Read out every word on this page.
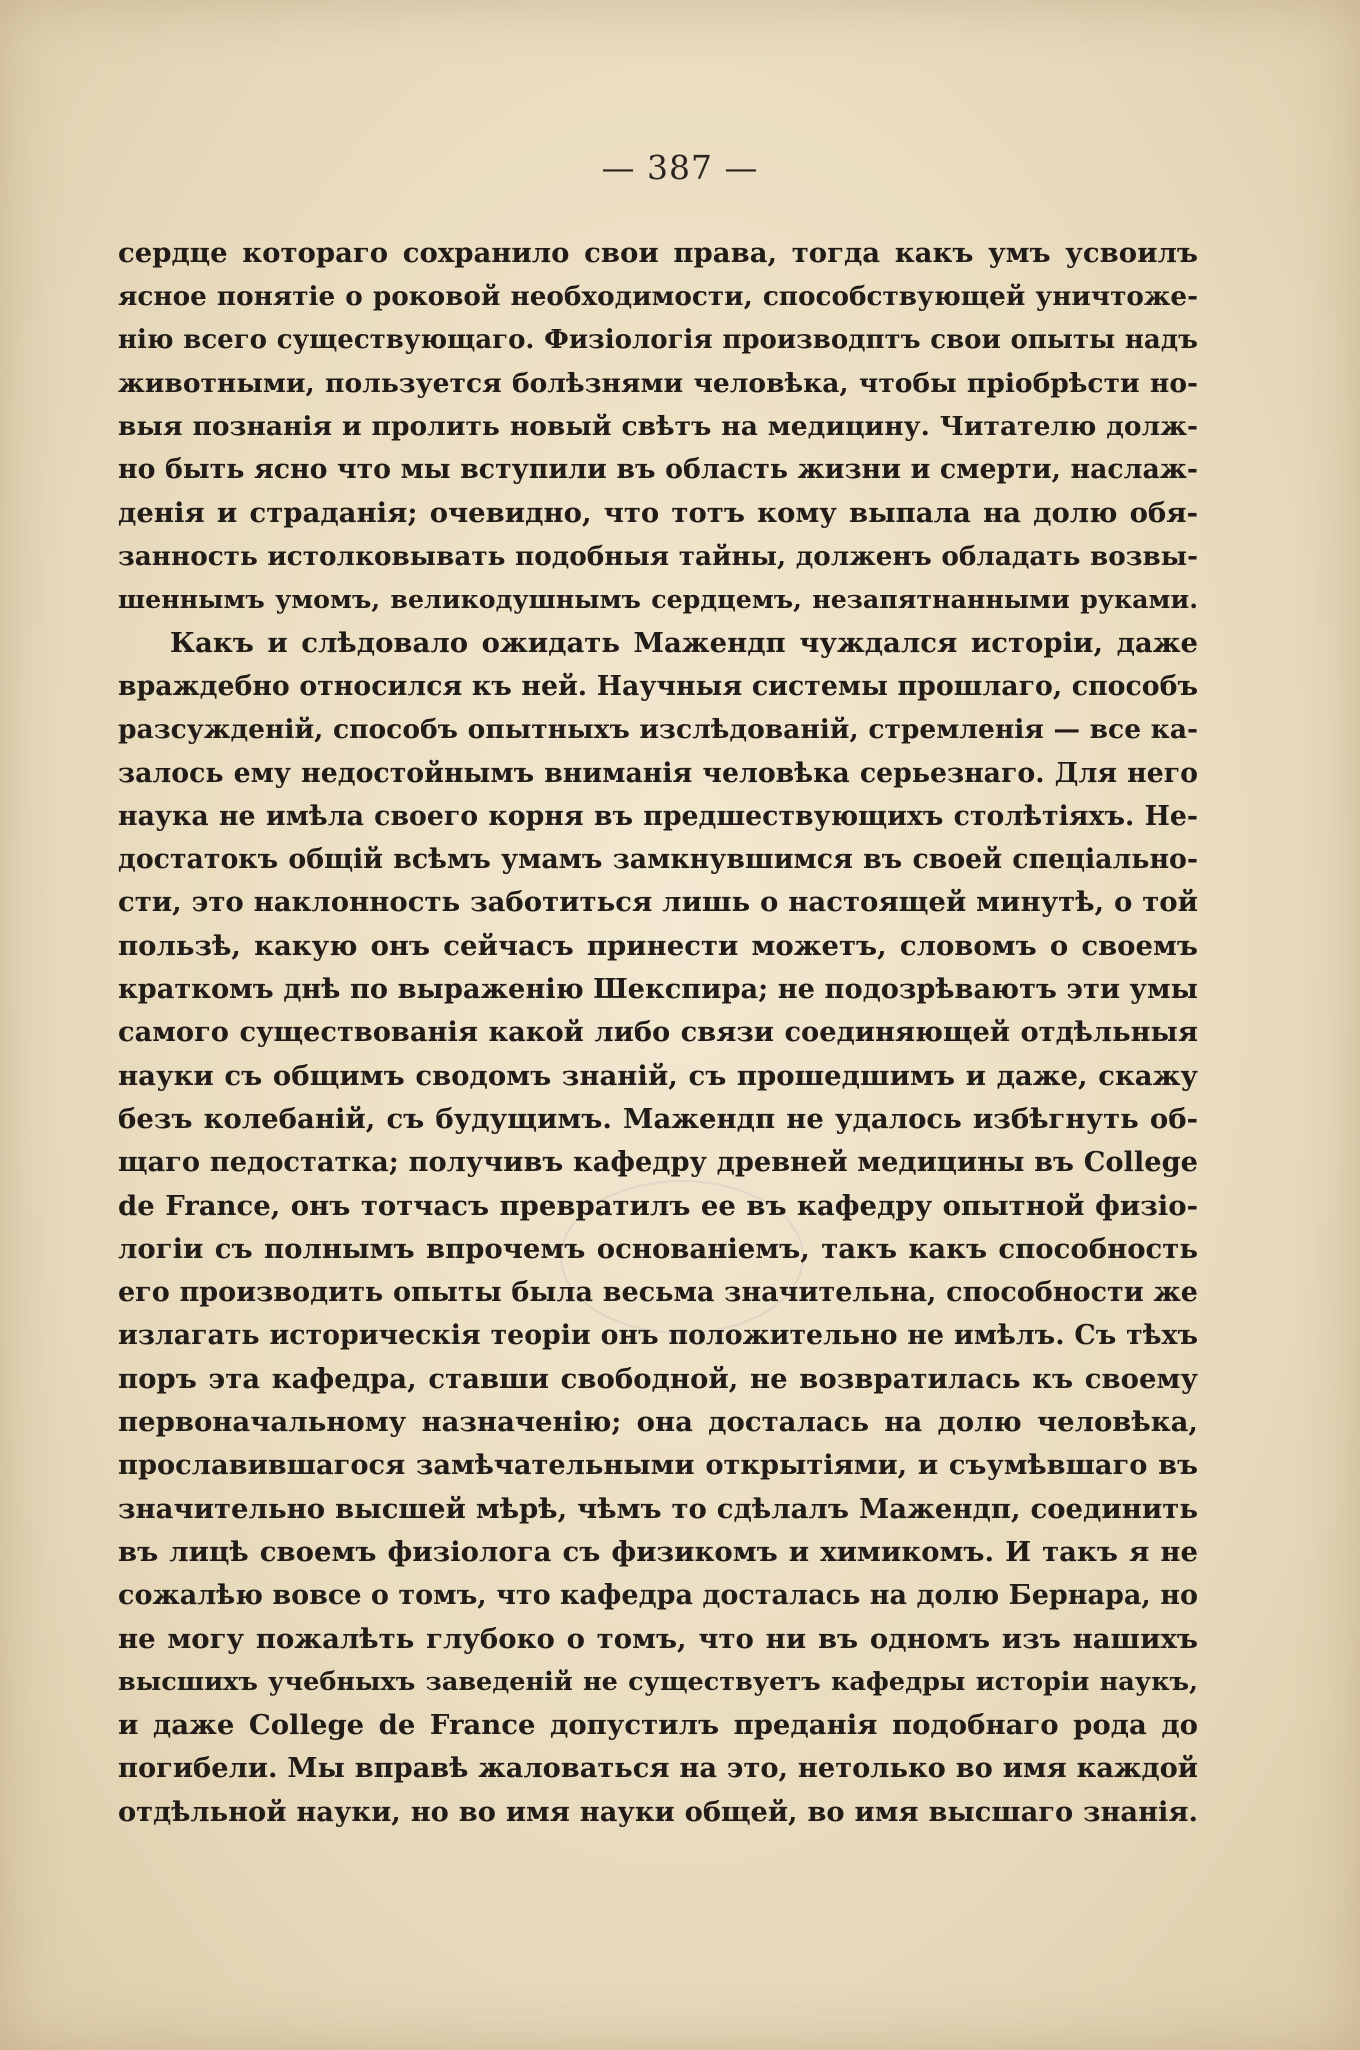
— 387 —
сердце котораго сохранило свои права, тогда какъ умъ усвоилъ
ясное понятіе о роковой необходимости, способствующей уничтоже-
нію всего существующаго. Физіологія производптъ свои опыты надъ
животными, пользуется болѣзнями человѣка, чтобы пріобрѣсти но-
выя познанія и пролить новый свѣтъ на медицину. Читателю долж-
но быть ясно что мы вступили въ область жизни и смерти, наслаж-
денія и страданія; очевидно, что тотъ кому выпала на долю обя-
занность истолковывать подобныя тайны, долженъ обладать возвы-
шеннымъ умомъ, великодушнымъ сердцемъ, незапятнанными руками.
Какъ и слѣдовало ожидать Мажендп чуждался исторіи, даже
враждебно относился къ ней. Научныя системы прошлаго, способъ
разсужденій, способъ опытныхъ изслѣдованій, стремленія — все ка-
залось ему недостойнымъ вниманія человѣка серьезнаго. Для него
наука не имѣла своего корня въ предшествующихъ столѣтіяхъ. Не-
достатокъ общій всѣмъ умамъ замкнувшимся въ своей спеціально-
сти, это наклонность заботиться лишь о настоящей минутѣ, о той
пользѣ, какую онъ сейчасъ принести можетъ, словомъ о своемъ
краткомъ днѣ по выраженію Шекспира; не подозрѣваютъ эти умы
самого существованія какой либо связи соединяющей отдѣльныя
науки съ общимъ сводомъ знаній, съ прошедшимъ и даже, скажу
безъ колебаній, съ будущимъ. Мажендп не удалось избѣгнуть об-
щаго педостатка; получивъ кафедру древней медицины въ College
de France, онъ тотчасъ превратилъ ее въ кафедру опытной физіо-
логіи съ полнымъ впрочемъ основаніемъ, такъ какъ способность
его производить опыты была весьма значительна, способности же
излагать историческія теоріи онъ положительно не имѣлъ. Съ тѣхъ
поръ эта кафедра, ставши свободной, не возвратилась къ своему
первоначальному назначенію; она досталась на долю человѣка,
прославившагося замѣчательными открытіями, и съумѣвшаго въ
значительно высшей мѣрѣ, чѣмъ то сдѣлалъ Мажендп, соединить
въ лицѣ своемъ физіолога съ физикомъ и химикомъ. И такъ я не
сожалѣю вовсе о томъ, что кафедра досталась на долю Бернара, но
не могу пожалѣть глубоко о томъ, что ни въ одномъ изъ нашихъ
высшихъ учебныхъ заведеній не существуетъ кафедры исторіи наукъ,
и даже College de France допустилъ преданія подобнаго рода до
погибели. Мы вправѣ жаловаться на это, нетолько во имя каждой
отдѣльной науки, но во имя науки общей, во имя высшаго знанія.
